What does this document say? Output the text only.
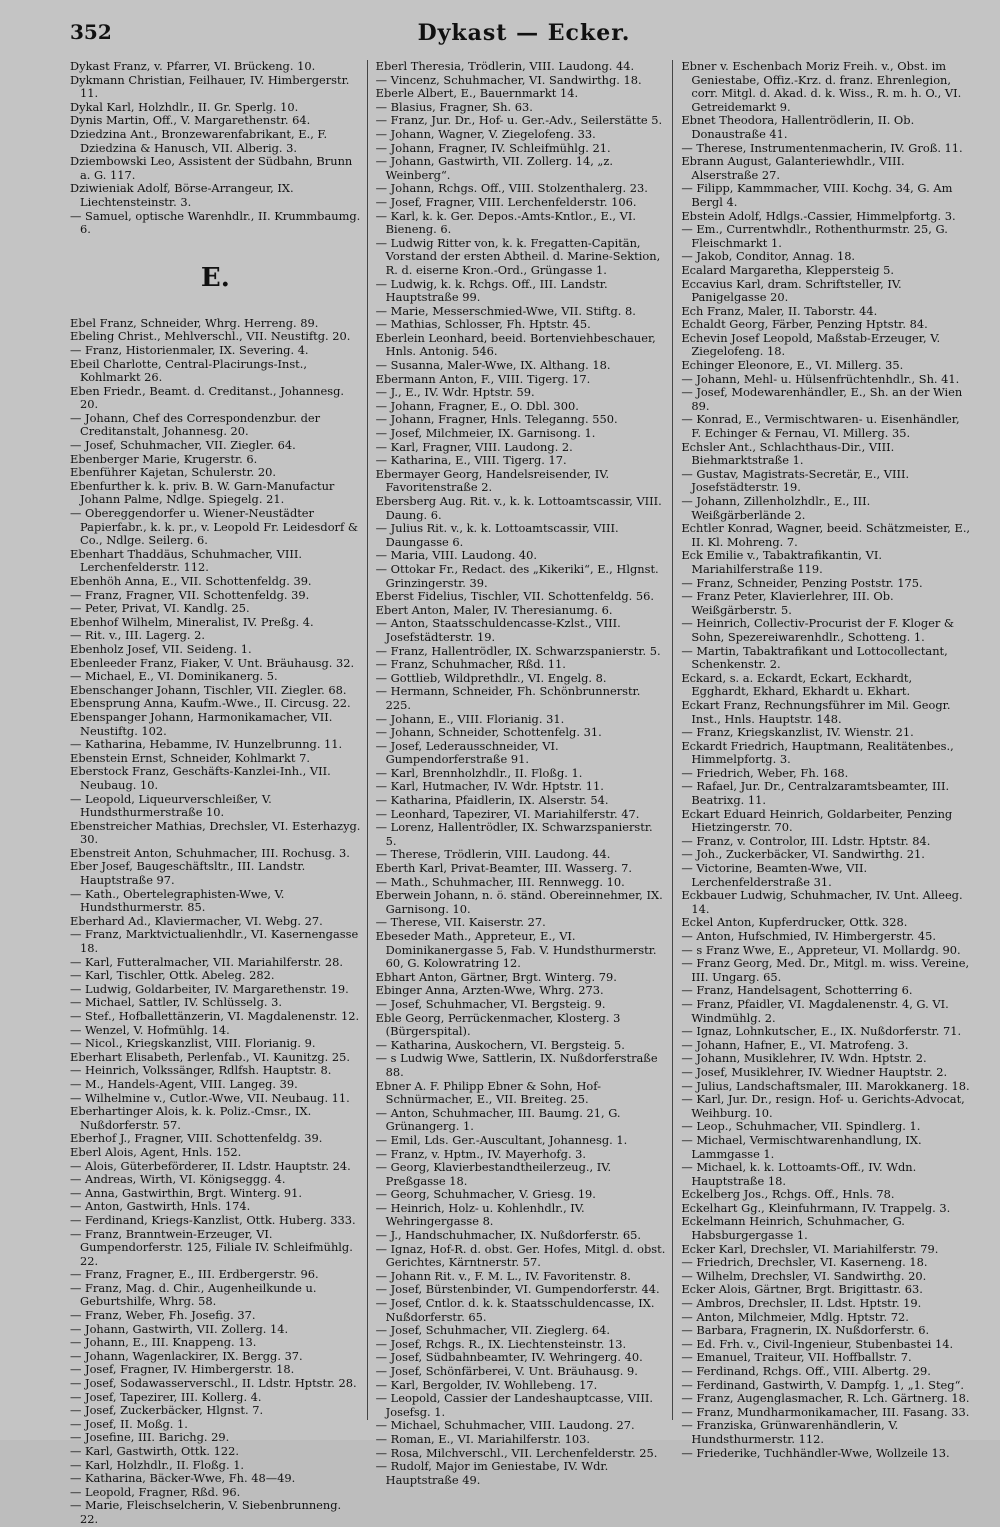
352	Dykast — Ecker.

Dykast Franz, v. Pfarrer, VI. Brückeng. 10.

Dykmann Christian, Feilhauer, IV. Himbergerstr. 11.

Dykal Karl, Holzhdlr., II. Gr. Sperlg. 10.

Dynis Martin, Off., V. Margarethenstr. 64.

Dziedzina Ant., Bronzewarenfabrikant, E., F. Dziedzina & Hanusch, VII. Alberig. 3.

Dziembowski Leo, Assistent der Südbahn, Brunn a. G. 117.

Dziwieniak Adolf, Börse-Arrangeur, IX. Liechtensteinstr. 3.

— Samuel, optische Warenhdlr., II. Krummbaumg. 6.

E.

Ebel Franz, Schneider, Whrg. Herreng. 89.

Ebeling Christ., Mehlverschl., VII. Neustiftg. 20.

— Franz, Historienmaler, IX. Severing. 4.

Ebeil Charlotte, Central-Placirungs-Inst., Kohlmarkt 26.

Eben Friedr., Beamt. d. Creditanst., Johannesg. 20.

— Johann, Chef des Correspondenzbur. der Creditanstalt, Johannesg. 20.

— Josef, Schuhmacher, VII. Ziegler. 64.

Ebenberger Marie, Krugerstr. 6.

Ebenführer Kajetan, Schulerstr. 20.

Ebenfurther k. k. priv. B. W. Garn-Manufactur Johann Palme, Ndlge. Spiegelg. 21.

— Obereggendorfer u. Wiener-Neustädter Papierfabr., k. k. pr., v. Leopold Fr. Leidesdorf & Co., Ndlge. Seilerg. 6.

Ebenhart Thaddäus, Schuhmacher, VIII. Lerchenfelderstr. 112.

Ebenhöh Anna, E., VII. Schottenfeldg. 39.

— Franz, Fragner, VII. Schottenfeldg. 39.

— Peter, Privat, VI. Kandlg. 25.

Ebenhof Wilhelm, Mineralist, IV. Preßg. 4.

— Rit. v., III. Lagerg. 2.

Ebenholz Josef, VII. Seideng. 1.

Ebenleeder Franz, Fiaker, V. Unt. Bräuhausg. 32.

— Michael, E., VI. Dominikanerg. 5.

Ebenschanger Johann, Tischler, VII. Ziegler. 68.

Ebensprung Anna, Kaufm.-Wwe., II. Circusg. 22.

Ebenspanger Johann, Harmonikamacher, VII. Neustiftg. 102.

— Katharina, Hebamme, IV. Hunzelbrunng. 11.

Ebenstein Ernst, Schneider, Kohlmarkt 7.

Eberstock Franz, Geschäfts-Kanzlei-Inh., VII. Neubaug. 10.

— Leopold, Liqueurverschleißer, V. Hundsthurmerstraße 10.

Ebenstreicher Mathias, Drechsler, VI. Esterhazyg. 30.

Ebenstreit Anton, Schuhmacher, III. Rochusg. 3.

Eber Josef, Baugeschäftsltr., III. Landstr. Hauptstraße 97.

— Kath., Obertelegraphisten-Wwe, V. Hundsthurmerstr. 85.

Eberhard Ad., Klaviermacher, VI. Webg. 27.

— Franz, Marktvictualienhdlr., VI. Kasernengasse 18.

— Karl, Futteralmacher, VII. Mariahilferstr. 28.

— Karl, Tischler, Ottk. Abeleg. 282.

— Ludwig, Goldarbeiter, IV. Margarethenstr. 19.

— Michael, Sattler, IV. Schlüsselg. 3.

— Stef., Hofballettänzerin, VI. Magdalenenstr. 12.

— Wenzel, V. Hofmühlg. 14.

— Nicol., Kriegskanzlist, VIII. Florianig. 9.

Eberhart Elisabeth, Perlenfab., VI. Kaunitzg. 25.

— Heinrich, Volkssänger, Rdlfsh. Hauptstr. 8.

— M., Handels-Agent, VIII. Langeg. 39.

— Wilhelmine v., Cutlor.-Wwe, VII. Neubaug. 11.

Eberhartinger Alois, k. k. Poliz.-Cmsr., IX. Nußdorferstr. 57.

Eberhof J., Fragner, VIII. Schottenfeldg. 39.

Eberl Alois, Agent, Hnls. 152.

— Alois, Güterbeförderer, II. Ldstr. Hauptstr. 24.

— Andreas, Wirth, VI. Königseggg. 4.

— Anna, Gastwirthin, Brgt. Winterg. 91.

— Anton, Gastwirth, Hnls. 174.

— Ferdinand, Kriegs-Kanzlist, Ottk. Huberg. 333.

— Franz, Branntwein-Erzeuger, VI. Gumpendorferstr. 125, Filiale IV. Schleifmühlg. 22.

— Franz, Fragner, E., III. Erdbergerstr. 96.

— Franz, Mag. d. Chir., Augenheilkunde u. Geburtshilfe, Whrg. 58.

— Franz, Weber, Fh. Josefig. 37.

— Johann, Gastwirth, VII. Zollerg. 14.

— Johann, E., III. Knappeng. 13.

— Johann, Wagenlackirer, IX. Bergg. 37.

— Josef, Fragner, IV. Himbergerstr. 18.

— Josef, Sodawasserverschl., II. Ldstr. Hptstr. 28.

— Josef, Tapezirer, III. Kollerg. 4.

— Josef, Zuckerbäcker, Hlgnst. 7.

— Josef, II. Moßg. 1.

— Josefine, III. Barichg. 29.

— Karl, Gastwirth, Ottk. 122.

— Karl, Holzhdlr., II. Floßg. 1.

— Katharina, Bäcker-Wwe, Fh. 48—49.

— Leopold, Fragner, Rßd. 96.

— Marie, Fleischselcherin, V. Siebenbrunneng. 22.

Eberl Theresia, Trödlerin, VIII. Laudong. 44.

— Vincenz, Schuhmacher, VI. Sandwirthg. 18.

Eberle Albert, E., Bauernmarkt 14.

— Blasius, Fragner, Sh. 63.

— Franz, Jur. Dr., Hof- u. Ger.-Adv., Seilerstätte 5.

— Johann, Wagner, V. Ziegelofeng. 33.

— Johann, Fragner, IV. Schleifmühlg. 21.

— Johann, Gastwirth, VII. Zollerg. 14, „z. Weinberg“.

— Johann, Rchgs. Off., VIII. Stolzenthalerg. 23.

— Josef, Fragner, VIII. Lerchenfelderstr. 106.

— Karl, k. k. Ger. Depos.-Amts-Kntlor., E., VI. Bieneng. 6.

— Ludwig Ritter von, k. k. Fregatten-Capitän, Vorstand der ersten Abtheil. d. Marine-Sektion, R. d. eiserne Kron.-Ord., Grüngasse 1.

— Ludwig, k. k. Rchgs. Off., III. Landstr. Hauptstraße 99.

— Marie, Messerschmied-Wwe, VII. Stiftg. 8.

— Mathias, Schlosser, Fh. Hptstr. 45.

Eberlein Leonhard, beeid. Bortenviehbeschauer, Hnls. Antonig. 546.

— Susanna, Maler-Wwe, IX. Althang. 18.

Ebermann Anton, F., VIII. Tigerg. 17.

— J., E., IV. Wdr. Hptstr. 59.

— Johann, Fragner, E., O. Dbl. 300.

— Johann, Fragner, Hnls. Teleganng. 550.

— Josef, Milchmeier, IX. Garnisong. 1.

— Karl, Fragner, VIII. Laudong. 2.

— Katharina, E., VIII. Tigerg. 17.

Ebermayer Georg, Handelsreisender, IV. Favoritenstraße 2.

Ebersberg Aug. Rit. v., k. k. Lottoamtscassir, VIII. Daung. 6.

— Julius Rit. v., k. k. Lottoamtscassir, VIII. Daungasse 6.

— Maria, VIII. Laudong. 40.

— Ottokar Fr., Redact. des „Kikeriki“, E., Hlgnst. Grinzingerstr. 39.

Eberst Fidelius, Tischler, VII. Schottenfeldg. 56.

Ebert Anton, Maler, IV. Theresianumg. 6.

— Anton, Staatsschuldencasse-Kzlst., VIII. Josefstädterstr. 19.

— Franz, Hallentrödler, IX. Schwarzspanierstr. 5.

— Franz, Schuhmacher, Rßd. 11.

— Gottlieb, Wildprethdlr., VI. Engelg. 8.

— Hermann, Schneider, Fh. Schönbrunnerstr. 225.

— Johann, E., VIII. Florianig. 31.

— Johann, Schneider, Schottenfelg. 31.

— Josef, Lederausschneider, VI. Gumpendorferstraße 91.

— Karl, Brennholzhdlr., II. Floßg. 1.

— Karl, Hutmacher, IV. Wdr. Hptstr. 11.

— Katharina, Pfaidlerin, IX. Alserstr. 54.

— Leonhard, Tapezirer, VI. Mariahilferstr. 47.

— Lorenz, Hallentrödler, IX. Schwarzspanierstr. 5.

— Therese, Trödlerin, VIII. Laudong. 44.

Eberth Karl, Privat-Beamter, III. Wasserg. 7.

— Math., Schuhmacher, III. Rennwegg. 10.

Eberwein Johann, n. ö. ständ. Obereinnehmer, IX. Garnisong. 10.

— Therese, VII. Kaiserstr. 27.

Ebeseder Math., Appreteur, E., VI. Dominikanergasse 5, Fab. V. Hundsthurmerstr. 60, G. Kolowratring 12.

Ebhart Anton, Gärtner, Brgt. Winterg. 79.

Ebinger Anna, Arzten-Wwe, Whrg. 273.

— Josef, Schuhmacher, VI. Bergsteig. 9.

Eble Georg, Perrückenmacher, Klosterg. 3 (Bürgerspital).

— Katharina, Auskochern, VI. Bergsteig. 5.

— s Ludwig Wwe, Sattlerin, IX. Nußdorferstraße 88.

Ebner A. F. Philipp Ebner & Sohn, Hof-Schnürmacher, E., VII. Breiteg. 25.

— Anton, Schuhmacher, III. Baumg. 21, G. Grünangerg. 1.

— Emil, Lds. Ger.-Auscultant, Johannesg. 1.

— Franz, v. Hptm., IV. Mayerhofg. 3.

— Georg, Klavierbestandtheilerzeug., IV. Preßgasse 18.

— Georg, Schuhmacher, V. Griesg. 19.

— Heinrich, Holz- u. Kohlenhdlr., IV. Wehringergasse 8.

— J., Handschuhmacher, IX. Nußdorferstr. 65.

— Ignaz, Hof-R. d. obst. Ger. Hofes, Mitgl. d. obst. Gerichtes, Kärntnerstr. 57.

— Johann Rit. v., F. M. L., IV. Favoritenstr. 8.

— Josef, Bürstenbinder, VI. Gumpendorferstr. 44.

— Josef, Cntlor. d. k. k. Staatsschuldencasse, IX. Nußdorferstr. 65.

— Josef, Schuhmacher, VII. Zieglerg. 64.

— Josef, Rchgs. R., IX. Liechtensteinstr. 13.

— Josef, Südbahnbeamter, IV. Wehringerg. 40.

— Josef, Schönfärberei, V. Unt. Bräuhausg. 9.

— Karl, Bergolder, IV. Wohllebeng. 17.

— Leopold, Cassier der Landeshauptcasse, VIII. Josefsg. 1.

— Michael, Schuhmacher, VIII. Laudong. 27.

— Roman, E., VI. Mariahilferstr. 103.

— Rosa, Milchverschl., VII. Lerchenfelderstr. 25.

— Rudolf, Major im Geniestabe, IV. Wdr. Hauptstraße 49.

Ebner v. Eschenbach Moriz Freih. v., Obst. im Geniestabe, Offiz.-Krz. d. franz. Ehrenlegion, corr. Mitgl. d. Akad. d. k. Wiss., R. m. h. O., VI. Getreidemarkt 9.

Ebnet Theodora, Hallentrödlerin, II. Ob. Donaustraße 41.

— Therese, Instrumentenmacherin, IV. Groß. 11.

Ebrann August, Galanteriewhdlr., VIII. Alserstraße 27.

— Filipp, Kammmacher, VIII. Kochg. 34, G. Am Bergl 4.

Ebstein Adolf, Hdlgs.-Cassier, Himmelpfortg. 3.

— Em., Currentwhdlr., Rothenthurmstr. 25, G. Fleischmarkt 1.

— Jakob, Conditor, Annag. 18.

Ecalard Margaretha, Kleppersteig 5.

Eccavius Karl, dram. Schriftsteller, IV. Panigelgasse 20.

Ech Franz, Maler, II. Taborstr. 44.

Echaldt Georg, Färber, Penzing Hptstr. 84.

Echevin Josef Leopold, Maßstab-Erzeuger, V. Ziegelofeng. 18.

Echinger Eleonore, E., VI. Millerg. 35.

— Johann, Mehl- u. Hülsenfrüchtenhdlr., Sh. 41.

— Josef, Modewarenhändler, E., Sh. an der Wien 89.

— Konrad, E., Vermischtwaren- u. Eisenhändler, F. Echinger & Fernau, VI. Millerg. 35.

Echsler Ant., Schlachthaus-Dir., VIII. Biehmarktstraße 1.

— Gustav, Magistrats-Secretär, E., VIII. Josefstädterstr. 19.

— Johann, Zillenholzhdlr., E., III. Weißgärberlände 2.

Echtler Konrad, Wagner, beeid. Schätzmeister, E., II. Kl. Mohreng. 7.

Eck Emilie v., Tabaktrafikantin, VI. Mariahilferstraße 119.

— Franz, Schneider, Penzing Poststr. 175.

— Franz Peter, Klavierlehrer, III. Ob. Weißgärberstr. 5.

— Heinrich, Collectiv-Procurist der F. Kloger & Sohn, Spezereiwarenhdlr., Schotteng. 1.

— Martin, Tabaktrafikant und Lottocollectant, Schenkenstr. 2.

Eckard, s. a. Eckardt, Eckart, Eckhardt, Egghardt, Ekhard, Ekhardt u. Ekhart.

Eckart Franz, Rechnungsführer im Mil. Geogr. Inst., Hnls. Hauptstr. 148.

— Franz, Kriegskanzlist, IV. Wienstr. 21.

Eckardt Friedrich, Hauptmann, Realitätenbes., Himmelpfortg. 3.

— Friedrich, Weber, Fh. 168.

— Rafael, Jur. Dr., Centralzaramtsbeamter, III. Beatrixg. 11.

Eckart Eduard Heinrich, Goldarbeiter, Penzing Hietzingerstr. 70.

— Franz, v. Controlor, III. Ldstr. Hptstr. 84.

— Joh., Zuckerbäcker, VI. Sandwirthg. 21.

— Victorine, Beamten-Wwe, VII. Lerchenfelderstraße 31.

Eckbauer Ludwig, Schuhmacher, IV. Unt. Alleeg. 14.

Eckel Anton, Kupferdrucker, Ottk. 328.

— Anton, Hufschmied, IV. Himbergerstr. 45.

— s Franz Wwe, E., Appreteur, VI. Mollardg. 90.

— Franz Georg, Med. Dr., Mitgl. m. wiss. Vereine, III. Ungarg. 65.

— Franz, Handelsagent, Schotterring 6.

— Franz, Pfaidler, VI. Magdalenenstr. 4, G. VI. Windmühlg. 2.

— Ignaz, Lohnkutscher, E., IX. Nußdorferstr. 71.

— Johann, Hafner, E., VI. Matrofeng. 3.

— Johann, Musiklehrer, IV. Wdn. Hptstr. 2.

— Josef, Musiklehrer, IV. Wiedner Hauptstr. 2.

— Julius, Landschaftsmaler, III. Marokkanerg. 18.

— Karl, Jur. Dr., resign. Hof- u. Gerichts-Advocat, Weihburg. 10.

— Leop., Schuhmacher, VII. Spindlerg. 1.

— Michael, Vermischtwarenhandlung, IX. Lammgasse 1.

— Michael, k. k. Lottoamts-Off., IV. Wdn. Hauptstraße 18.

Eckelberg Jos., Rchgs. Off., Hnls. 78.

Eckelhart Gg., Kleinfuhrmann, IV. Trappelg. 3.

Eckelmann Heinrich, Schuhmacher, G. Habsburgergasse 1.

Ecker Karl, Drechsler, VI. Mariahilferstr. 79.

— Friedrich, Drechsler, VI. Kaserneng. 18.

— Wilhelm, Drechsler, VI. Sandwirthg. 20.

Ecker Alois, Gärtner, Brgt. Brigittastr. 63.

— Ambros, Drechsler, II. Ldst. Hptstr. 19.

— Anton, Milchmeier, Mdlg. Hptstr. 72.

— Barbara, Fragnerin, IX. Nußdorferstr. 6.

— Ed. Frh. v., Civil-Ingenieur, Stubenbastei 14.

— Emanuel, Traiteur, VII. Hoffballstr. 7.

— Ferdinand, Rchgs. Off., VIII. Albertg. 29.

— Ferdinand, Gastwirth, V. Dampfg. 1, „1. Steg“.

— Franz, Augenglasmacher, R. Lch. Gärtnerg. 18.

— Franz, Mundharmonikamacher, III. Fasang. 33.

— Franziska, Grünwarenhändlerin, V. Hundsthurmerstr. 112.

— Friederike, Tuchhändler-Wwe, Wollzeile 13.
